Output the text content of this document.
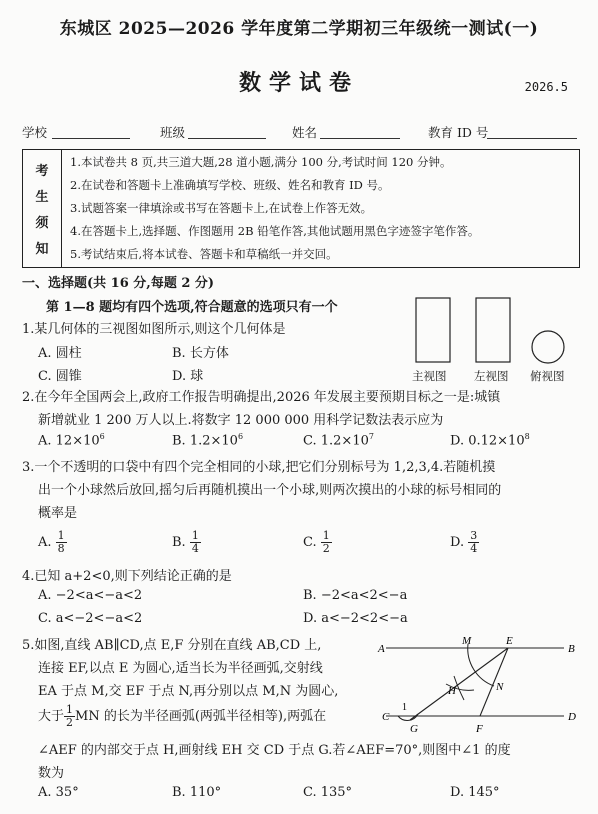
东城区 2025—2026 学年度第二学期初三年级统一测试(一)
数学试卷	2026.5
学校	班级	姓名	教育 ID 号
考
生
须
知
1.本试卷共 8 页,共三道大题,28 道小题,满分 100 分,考试时间 120 分钟。
2.在试卷和答题卡上准确填写学校、班级、姓名和教育 ID 号。
3.试题答案一律填涂或书写在答题卡上,在试卷上作答无效。
4.在答题卡上,选择题、作图题用 2B 铅笔作答,其他试题用黑色字迹签字笔作答。
5.考试结束后,将本试卷、答题卡和草稿纸一并交回。
一、选择题(共 16 分,每题 2 分)
第 1—8 题均有四个选项,符合题意的选项只有一个
1.某几何体的三视图如图所示,则这个几何体是
A. 圆柱	B. 长方体
C. 圆锥	D. 球	主视图 左视图 俯视图
2.在今年全国两会上,政府工作报告明确提出,2026 年发展主要预期目标之一是:城镇
新增就业 1 200 万人以上.将数字 12 000 000 用科学记数法表示应为
A. $12\times 10^6$	B. $1.2\times 10^6$	C. $1.2\times 10^7$	D. $0.12\times 10^8$
3.一个不透明的口袋中有四个完全相同的小球,把它们分别标号为 1,2,3,4.若随机摸
出一个小球然后放回,摇匀后再随机摸出一个小球,则两次摸出的小球的标号相同的
概率是
A. $\frac{1}{8}$	B. $\frac{1}{4}$	C. $\frac{1}{2}$	D. $\frac{3}{4}$
4.已知 a+2<0,则下列结论正确的是
A. −2<a<−a<2	B. −2<a<2<−a
C. a<−2<−a<2	D. a<−2<2<−a
5.如图,直线 AB∥CD,点 E,F 分别在直线 AB,CD 上,
连接 EF,以点 E 为圆心,适当长为半径画弧,交射线
EA 于点 M,交 EF 于点 N,再分别以点 M,N 为圆心,
大于 $\frac{1}{2}$ MN 的长为半径画弧(两弧半径相等),两弧在
∠AEF 的内部交于点 H,画射线 EH 交 CD 于点 G.若∠AEF=70°,则图中∠1 的度
数为
A. 35°	B. 110°	C. 135°	D. 145°
A	B
C	D
M	E
H	N
G	F
1
